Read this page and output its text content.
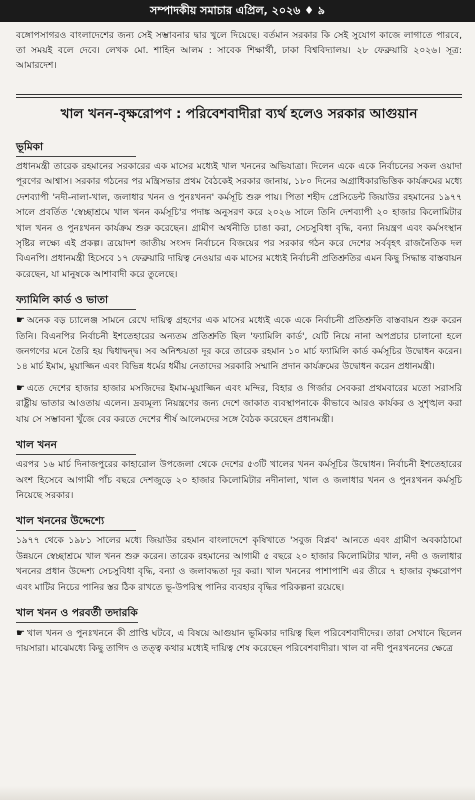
সম্পাদকীয় সমাচার এপ্রিল, ২০২৬ ♦ ৯
বঙ্গোপসাগরও বাংলাদেশের জন্য সেই সম্ভাবনার দ্বার খুলে দিয়েছে। বর্তমান সরকার কি সেই সুযোগ কাজে লাগাতে পারবে, তা সময়ই বলে দেবে। লেখক মো. শাহিন আলম : সাবেক শিক্ষার্থী, ঢাকা বিশ্ববিদ্যালয়। ২৮ ফেব্রুয়ারি ২০২৬। সূত্র: আমারদেশ।
খাল খনন-বৃক্ষরোপণ : পরিবেশবাদীরা ব্যর্থ হলেও সরকার আগুয়ান
ভূমিকা
প্রধানমন্ত্রী তারেক রহমানের সরকারের এক মাসের মধ্যেই খাল খননের অভিযাত্রা। দিলেন একে একে নির্বাচনের সকল ওয়াদা পূরণের আশ্বাস। সরকার গঠনের পর মন্ত্রিসভার প্রথম বৈঠকেই সরকার জানায়, ১৮০ দিনের অগ্রাধিকারভিত্তিক কার্যক্রমের মধ্যে দেশব্যাপী 'নদী-নালা-খাল, জলাধার খনন ও পুনঃখনন' কর্মসূচি শুরু পায়। পিতা শহীদ প্রেসিডেন্ট জিয়াউর রহমানের ১৯৭৭ সালে প্রবর্তিত 'স্বেচ্ছাশ্রমে খাল খনন কর্মসূচি'র পদাঙ্ক অনুসরণ করে ২০২৬ সালে তিনি দেশব্যাপী ২০ হাজার কিলোমিটার খাল খনন ও পুনঃখনন কার্যক্রম শুরু করেছেন। গ্রামীণ অর্থনীতি চাঙা করা, সেচসুবিধা বৃদ্ধি, বন্যা নিয়ন্ত্রণ এবং কর্মসংস্থান সৃষ্টির লক্ষ্যে এই প্রকল্প। ত্রয়োদশ জাতীয় সংসদ নির্বাচনে বিজয়ের পর সরকার গঠন করে দেশের সর্ববৃহৎ রাজনৈতিক দল বিএনপি। প্রধানমন্ত্রী হিসেবে ১৭ ফেব্রুয়ারি দায়িত্ব নেওয়ার এক মাসের মধ্যেই নির্বাচনী প্রতিশ্রুতির এমন কিছু সিদ্ধান্ত বাস্তবায়ন করেছেন, যা মানুষকে আশাবাদী করে তুলেছে।
ফ্যামিলি কার্ড ও ভাতা
☛ অনেক বড় চ্যালেঞ্জ সামনে রেখে দায়িত্ব গ্রহণের এক মাসের মধ্যেই একে একে নির্বাচনী প্রতিশ্রুতি বাস্তবায়ন শুরু করেন তিনি। বিএনপির নির্বাচনী ইশতেহারের অন্যতম প্রতিশ্রুতি ছিল 'ফ্যামিলি কার্ড', যেটি নিয়ে নানা অপপ্রচার চালানো হলে জনগণের মনে তৈরি হয় দ্বিধাদ্বন্দ্ব। সব অনিশ্চয়তা দূর করে তারেক রহমান ১০ মার্চ ফ্যামিলি কার্ড কর্মসূচির উদ্বোধন করেন। ১৪ মার্চ ইমাম, মুয়াজ্জিন এবং বিভিন্ন ধর্মের ধর্মীয় নেতাদের সরকারি সম্মানি প্রদান কার্যক্রমের উদ্বোধন করেন প্রধানমন্ত্রী।
☛ এতে দেশের হাজার হাজার মসজিদের ইমাম-মুয়াজ্জিন এবং মন্দির, বিহার ও গির্জার সেবকরা প্রথমবারের মতো সরাসরি রাষ্ট্রীয় ভাতার আওতায় এলেন। দ্রব্যমূল্য নিয়ন্ত্রণের জন্য দেশে জাকাত ব্যবস্থাপনাকে কীভাবে আরও কার্যকর ও সুশৃঙ্খল করা যায় সে সম্ভাবনা খুঁজে বের করতে দেশের শীর্ষ আলেমদের সঙ্গে বৈঠক করেছেন প্রধানমন্ত্রী।
খাল খনন
এরপর ১৬ মার্চ দিনাজপুরের কাহারোল উপজেলা থেকে দেশের ৫৩টি খালের খনন কর্মসূচির উদ্বোধন। নির্বাচনী ইশতেহারের অংশ হিসেবে আগামী পাঁচ বছরে দেশজুড়ে ২০ হাজার কিলোমিটার নদীনালা, খাল ও জলাধার খনন ও পুনঃখনন কর্মসূচি নিয়েছে সরকার।
খাল খননের উদ্দেশ্যে
১৯৭৭ থেকে ১৯৮১ সালের মধ্যে জিয়াউর রহমান বাংলাদেশে কৃষিখাতে 'সবুজ বিপ্লব' আনতে এবং গ্রামীণ অবকাঠামো উন্নয়নে স্বেচ্ছাশ্রমে খাল খনন শুরু করেন। তারেক রহমানের আগামী ৫ বছরে ২০ হাজার কিলোমিটার খাল, নদী ও জলাধার খননের প্রধান উদ্দেশ্য সেচসুবিধা বৃদ্ধি, বন্যা ও জলাবদ্ধতা দূর করা। খাল খননের পাশাপাশি এর তীরে ৭ হাজার বৃক্ষরোপণ এবং মাটির নিচের পানির স্তর ঠিক রাখতে ভূ-উপরিস্থ পানির ব্যবহার বৃদ্ধির পরিকল্পনা রয়েছে।
খাল খনন ও পরবর্তী তদারকি
☛ খাল খনন ও পুনঃখননে কী প্রাপ্তি ঘটবে, এ বিষয়ে আগুয়ান ভূমিকার দায়িত্ব ছিল পরিবেশবাদীদের। তারা সেখানে ছিলেন দায়সারা। মাঝেমধ্যে কিছু তাগিদ ও তত্ত্ব কথার মধ্যেই দায়িত্ব শেষ করেছেন পরিবেশবাদীরা। খাল বা নদী পুনঃখননের ক্ষেত্রে
